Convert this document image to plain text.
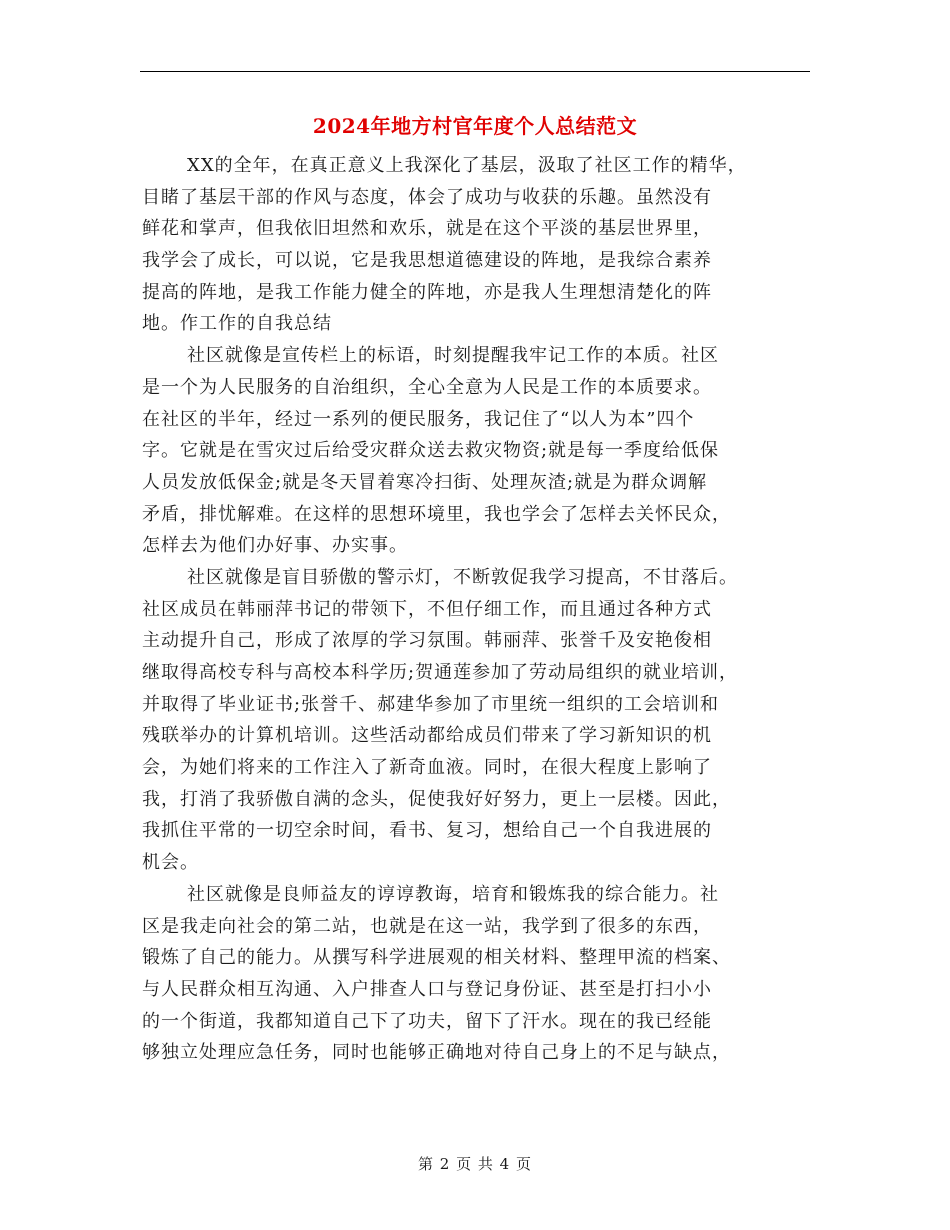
2024年地方村官年度个人总结范文
XX的全年，在真正意义上我深化了基层，汲取了社区工作的精华，
目睹了基层干部的作风与态度，体会了成功与收获的乐趣。虽然没有
鲜花和掌声，但我依旧坦然和欢乐，就是在这个平淡的基层世界里，
我学会了成长，可以说，它是我思想道德建设的阵地，是我综合素养
提高的阵地，是我工作能力健全的阵地，亦是我人生理想清楚化的阵
地。作工作的自我总结
社区就像是宣传栏上的标语，时刻提醒我牢记工作的本质。社区
是一个为人民服务的自治组织，全心全意为人民是工作的本质要求。
在社区的半年，经过一系列的便民服务，我记住了“以人为本”四个
字。它就是在雪灾过后给受灾群众送去救灾物资;就是每一季度给低保
人员发放低保金;就是冬天冒着寒冷扫街、处理灰渣;就是为群众调解
矛盾，排忧解难。在这样的思想环境里，我也学会了怎样去关怀民众，
怎样去为他们办好事、办实事。
社区就像是盲目骄傲的警示灯，不断敦促我学习提高，不甘落后。
社区成员在韩丽萍书记的带领下，不但仔细工作，而且通过各种方式
主动提升自己，形成了浓厚的学习氛围。韩丽萍、张誉千及安艳俊相
继取得高校专科与高校本科学历;贺通莲参加了劳动局组织的就业培训，
并取得了毕业证书;张誉千、郝建华参加了市里统一组织的工会培训和
残联举办的计算机培训。这些活动都给成员们带来了学习新知识的机
会，为她们将来的工作注入了新奇血液。同时，在很大程度上影响了
我，打消了我骄傲自满的念头，促使我好好努力，更上一层楼。因此，
我抓住平常的一切空余时间，看书、复习，想给自己一个自我进展的
机会。
社区就像是良师益友的谆谆教诲，培育和锻炼我的综合能力。社
区是我走向社会的第二站，也就是在这一站，我学到了很多的东西，
锻炼了自己的能力。从撰写科学进展观的相关材料、整理甲流的档案、
与人民群众相互沟通、入户排查人口与登记身份证、甚至是打扫小小
的一个街道，我都知道自己下了功夫，留下了汗水。现在的我已经能
够独立处理应急任务，同时也能够正确地对待自己身上的不足与缺点，
第 2 页 共 4 页
